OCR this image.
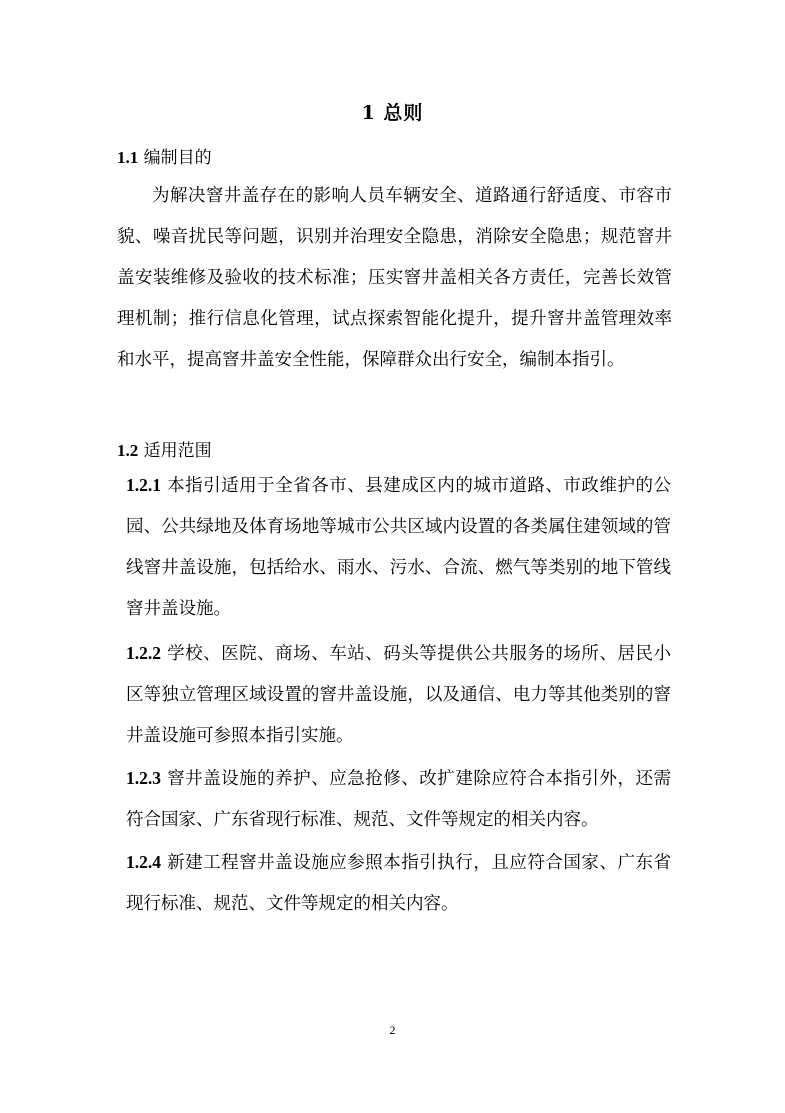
1 总则
1.1 编制目的

为解决窨井盖存在的影响人员车辆安全、道路通行舒适度、市容市貌、噪音扰民等问题，识别并治理安全隐患，消除安全隐患；规范窨井盖安装维修及验收的技术标准；压实窨井盖相关各方责任，完善长效管理机制；推行信息化管理，试点探索智能化提升，提升窨井盖管理效率和水平，提高窨井盖安全性能，保障群众出行安全，编制本指引。

1.2 适用范围

1.2.1 本指引适用于全省各市、县建成区内的城市道路、市政维护的公园、公共绿地及体育场地等城市公共区域内设置的各类属住建领域的管线窨井盖设施，包括给水、雨水、污水、合流、燃气等类别的地下管线窨井盖设施。

1.2.2 学校、医院、商场、车站、码头等提供公共服务的场所、居民小区等独立管理区域设置的窨井盖设施，以及通信、电力等其他类别的窨井盖设施可参照本指引实施。

1.2.3 窨井盖设施的养护、应急抢修、改扩建除应符合本指引外，还需符合国家、广东省现行标准、规范、文件等规定的相关内容。

1.2.4 新建工程窨井盖设施应参照本指引执行，且应符合国家、广东省现行标准、规范、文件等规定的相关内容。

2
